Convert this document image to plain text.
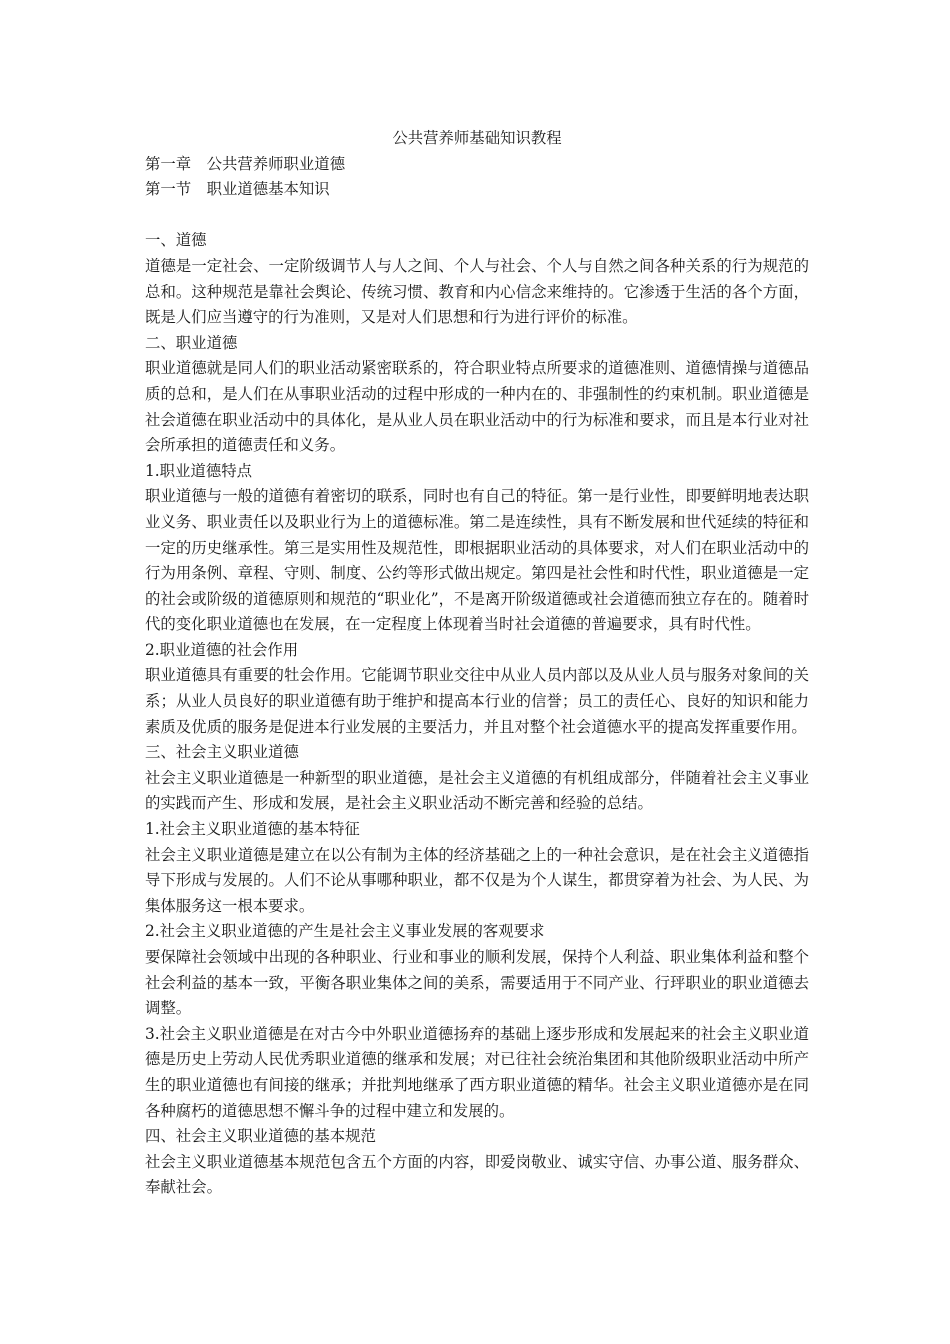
公共营养师基础知识教程
第一章　公共营养师职业道德
第一节　职业道德基本知识
一、道德
道德是一定社会、一定阶级调节人与人之间、个人与社会、个人与自然之间各种关系的行为规范的总和。这种规范是靠社会舆论、传统习惯、教育和内心信念来维持的。它渗透于生活的各个方面，既是人们应当遵守的行为准则，又是对人们思想和行为进行评价的标准。
二、职业道德
职业道德就是同人们的职业活动紧密联系的，符合职业特点所要求的道德准则、道德情操与道德品质的总和，是人们在从事职业活动的过程中形成的一种内在的、非强制性的约束机制。职业道德是社会道德在职业活动中的具体化，是从业人员在职业活动中的行为标准和要求，而且是本行业对社会所承担的道德责任和义务。
1.职业道德特点
职业道德与一般的道德有着密切的联系，同时也有自己的特征。第一是行业性，即要鲜明地表达职业义务、职业责任以及职业行为上的道德标准。第二是连续性，具有不断发展和世代延续的特征和一定的历史继承性。第三是实用性及规范性，即根据职业活动的具体要求，对人们在职业活动中的行为用条例、章程、守则、制度、公约等形式做出规定。第四是社会性和时代性，职业道德是一定的社会或阶级的道德原则和规范的“职业化”，不是离开阶级道德或社会道德而独立存在的。随着时代的变化职业道德也在发展，在一定程度上体现着当时社会道德的普遍要求，具有时代性。
2.职业道德的社会作用
职业道德具有重要的牡会作用。它能调节职业交往中从业人员内部以及从业人员与服务对象间的关系；从业人员良好的职业道德有助于维护和提高本行业的信誉；员工的责任心、良好的知识和能力素质及优质的服务是促进本行业发展的主要活力，并且对整个社会道德水平的提高发挥重要作用。
三、社会主义职业道德
社会主义职业道德是一种新型的职业道德，是社会主义道德的有机组成部分，伴随着社会主义事业的实践而产生、形成和发展，是社会主义职业活动不断完善和经验的总结。
1.社会主义职业道德的基本特征
社会主义职业道德是建立在以公有制为主体的经济基础之上的一种社会意识，是在社会主义道德指导下形成与发展的。人们不论从事哪种职业，都不仅是为个人谋生，都贯穿着为社会、为人民、为集体服务这一根本要求。
2.社会主义职业道德的产生是社会主义事业发展的客观要求
要保障社会领域中出现的各种职业、行业和事业的顺利发展，保持个人利益、职业集体利益和整个社会利益的基本一致，平衡各职业集体之间的美系，需要适用于不同产业、行玶职业的职业道德去调整。
3.社会主义职业道德是在对古今中外职业道德扬弃的基础上逐步形成和发展起来的社会主义职业道德是历史上劳动人民优秀职业道德的继承和发展；对已往社会统治集团和其他阶级职业活动中所产生的职业道德也有间接的继承；并批判地继承了西方职业道德的精华。社会主义职业道德亦是在同各种腐朽的道德思想不懈斗争的过程中建立和发展的。
四、社会主义职业道德的基本规范
社会主义职业道德基本规范包含五个方面的内容，即爱岗敬业、诚实守信、办事公道、服务群众、奉献社会。
